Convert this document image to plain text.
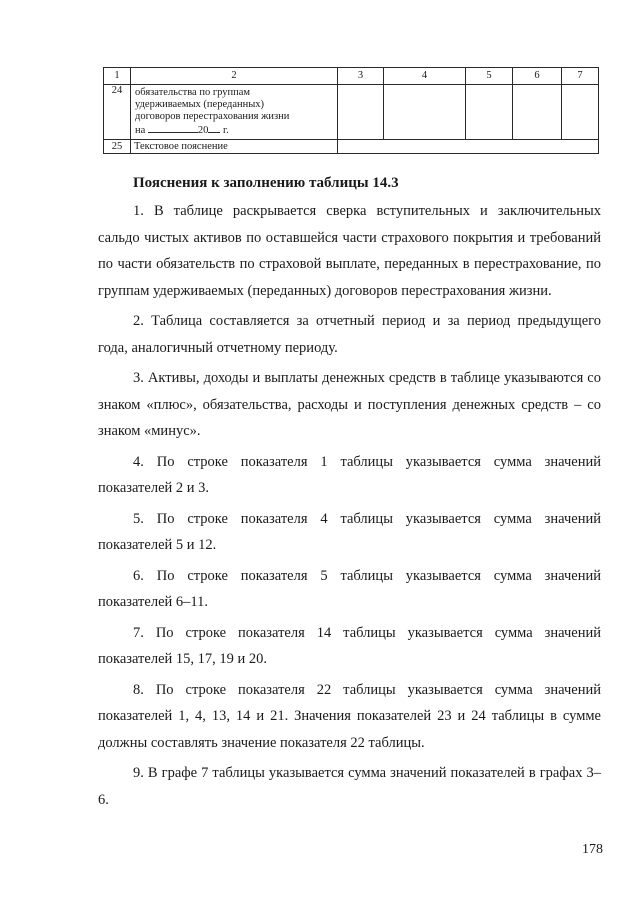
1	2	3	4	5	6	7
24	обязательства по группам
удерживаемых (переданных)
договоров перестрахования жизни
на 20 г.					

25	Текстовое пояснение					
Пояснения к заполнению таблицы 14.3

1. В таблице раскрывается сверка вступительных и заключительных сальдо чистых активов по оставшейся части страхового покрытия и требований по части обязательств по страховой выплате, переданных в перестрахование, по группам удерживаемых (переданных) договоров перестрахования жизни.

2. Таблица составляется за отчетный период и за период предыдущего года, аналогичный отчетному периоду.

3. Активы, доходы и выплаты денежных средств в таблице указываются со знаком «плюс», обязательства, расходы и поступления денежных средств – со знаком «минус».

4. По строке показателя 1 таблицы указывается сумма значений показателей 2 и 3.

5. По строке показателя 4 таблицы указывается сумма значений показателей 5 и 12.

6. По строке показателя 5 таблицы указывается сумма значений показателей 6–11.

7. По строке показателя 14 таблицы указывается сумма значений показателей 15, 17, 19 и 20.

8. По строке показателя 22 таблицы указывается сумма значений показателей 1, 4, 13, 14 и 21. Значения показателей 23 и 24 таблицы в сумме должны составлять значение показателя 22 таблицы.

9. В графе 7 таблицы указывается сумма значений показателей в графах 3–6.

178
